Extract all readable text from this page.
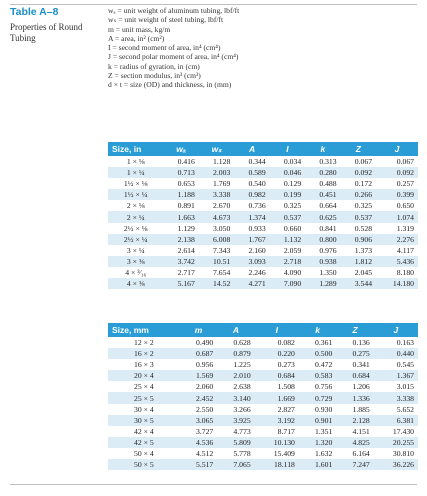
Table A–8
Properties of Round
Tubing
wₐ = unit weight of aluminum tubing, lbf/ft
wₛ = unit weight of steel tubing, lbf/ft
m = unit mass, kg/m
A = area, in² (cm²)
I = second moment of area, in⁴ (cm⁴)
J = second polar moment of area, in⁴ (cm⁴)
k = radius of gyration, in (cm)
Z = section modulus, in³ (cm³)
d × t = size (OD) and thickness, in (mm)
Size, in	wₐ	wₛ	A	I	k	Z	J
1 × ⅛	0.416	1.128	0.344	0.034	0.313	0.067	0.067
1 × ¼	0.713	2.003	0.589	0.046	0.280	0.092	0.092
1½ × ⅛	0.653	1.769	0.540	0.129	0.488	0.172	0.257
1½ × ¼	1.188	3.338	0.982	0.199	0.451	0.266	0.399
2 × ⅛	0.891	2.670	0.736	0.325	0.664	0.325	0.650
2 × ¼	1.663	4.673	1.374	0.537	0.625	0.537	1.074
2½ × ⅛	1.129	3.050	0.933	0.660	0.841	0.528	1.319
2½ × ¼	2.138	6.008	1.767	1.132	0.800	0.906	2.276
3 × ¼	2.614	7.343	2.160	2.059	0.976	1.373	4.117
3 × ⅜	3.742	10.51	3.093	2.718	0.938	1.812	5.436
4 × ³⁄₁₆	2.717	7.654	2.246	4.090	1.350	2.045	8.180
4 × ⅜	5.167	14.52	4.271	7.090	1.289	3.544	14.180
Size, mm	m	A	I	k	Z	J
12 × 2	0.490	0.628	0.082	0.361	0.136	0.163
16 × 2	0.687	0.879	0.220	0.500	0.275	0.440
16 × 3	0.956	1.225	0.273	0.472	0.341	0.545
20 × 4	1.569	2.010	0.684	0.583	0.684	1.367
25 × 4	2.060	2.638	1.508	0.756	1.206	3.015
25 × 5	2.452	3.140	1.669	0.729	1.336	3.338
30 × 4	2.550	3.266	2.827	0.930	1.885	5.652
30 × 5	3.065	3.925	3.192	0.901	2.128	6.381
42 × 4	3.727	4.773	8.717	1.351	4.151	17.430
42 × 5	4.536	5.809	10.130	1.320	4.825	20.255
50 × 4	4.512	5.778	15.409	1.632	6.164	30.810
50 × 5	5.517	7.065	18.118	1.601	7.247	36.226
